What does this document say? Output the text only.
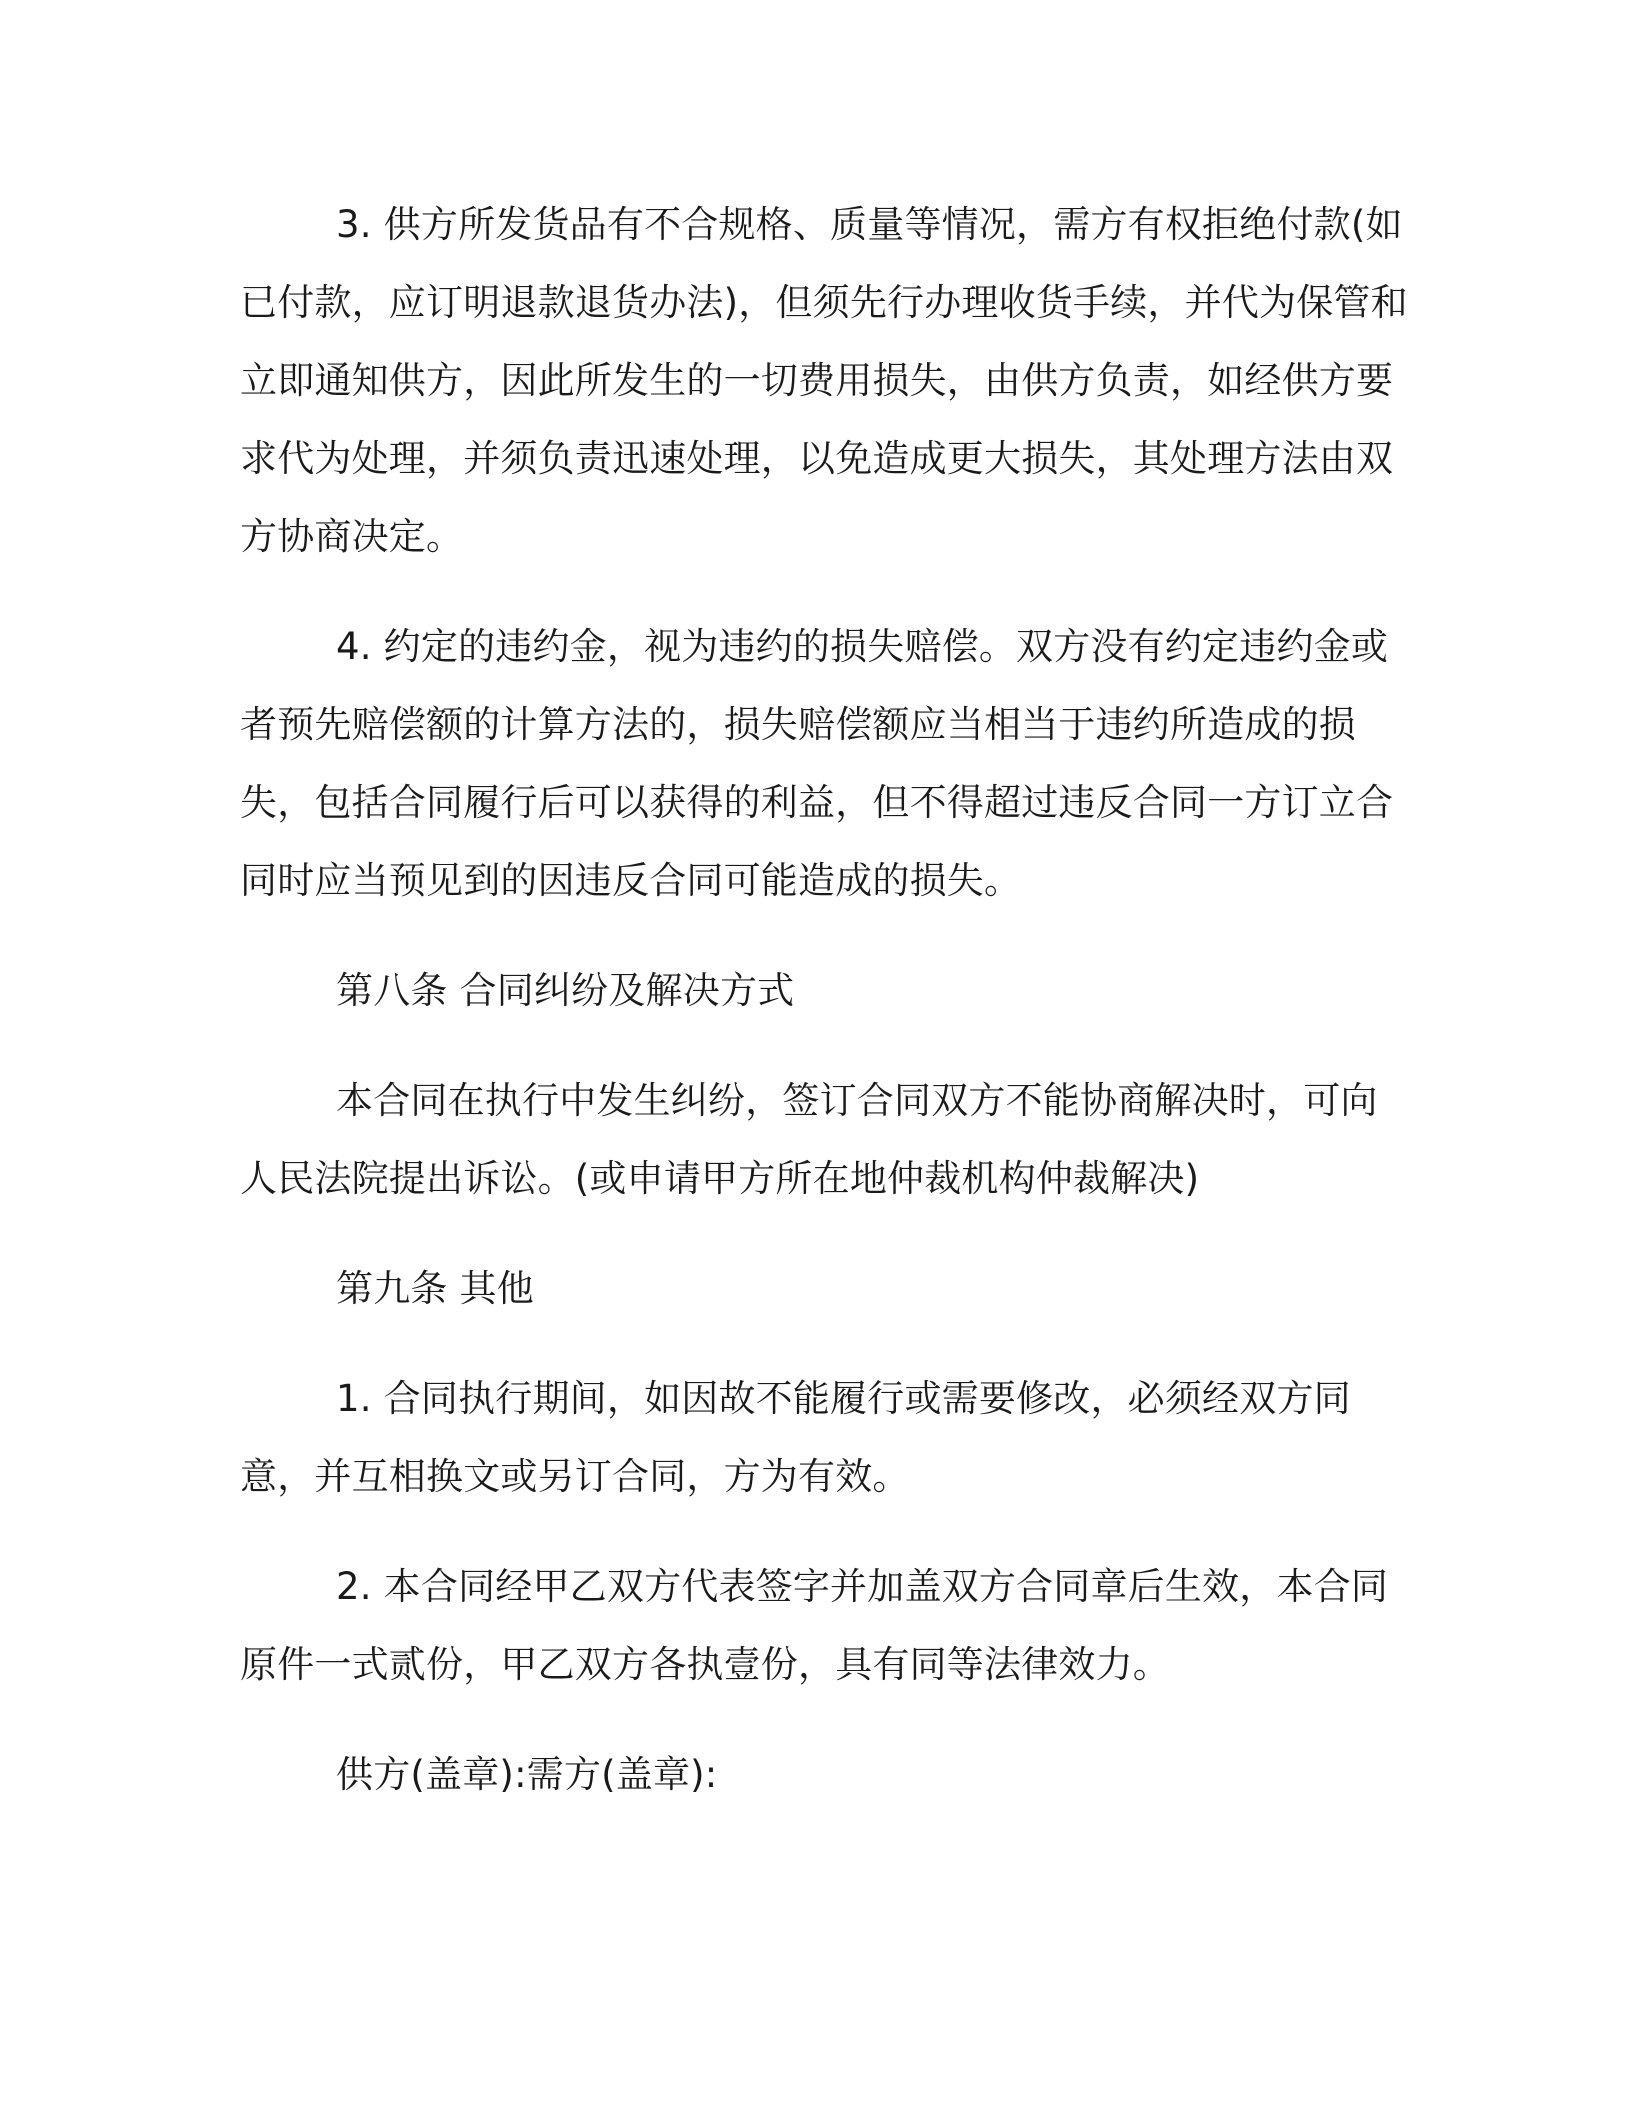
3. 供方所发货品有不合规格、质量等情况，需方有权拒绝付款(如已付款，应订明退款退货办法)，但须先行办理收货手续，并代为保管和立即通知供方，因此所发生的一切费用损失，由供方负责，如经供方要求代为处理，并须负责迅速处理，以免造成更大损失，其处理方法由双方协商决定。

4. 约定的违约金，视为违约的损失赔偿。双方没有约定违约金或者预先赔偿额的计算方法的，损失赔偿额应当相当于违约所造成的损失，包括合同履行后可以获得的利益，但不得超过违反合同一方订立合同时应当预见到的因违反合同可能造成的损失。

第八条 合同纠纷及解决方式

本合同在执行中发生纠纷，签订合同双方不能协商解决时，可向人民法院提出诉讼。(或申请甲方所在地仲裁机构仲裁解决)

第九条 其他

1. 合同执行期间，如因故不能履行或需要修改，必须经双方同意，并互相换文或另订合同，方为有效。

2. 本合同经甲乙双方代表签字并加盖双方合同章后生效，本合同原件一式贰份，甲乙双方各执壹份，具有同等法律效力。

供方(盖章):需方(盖章):
